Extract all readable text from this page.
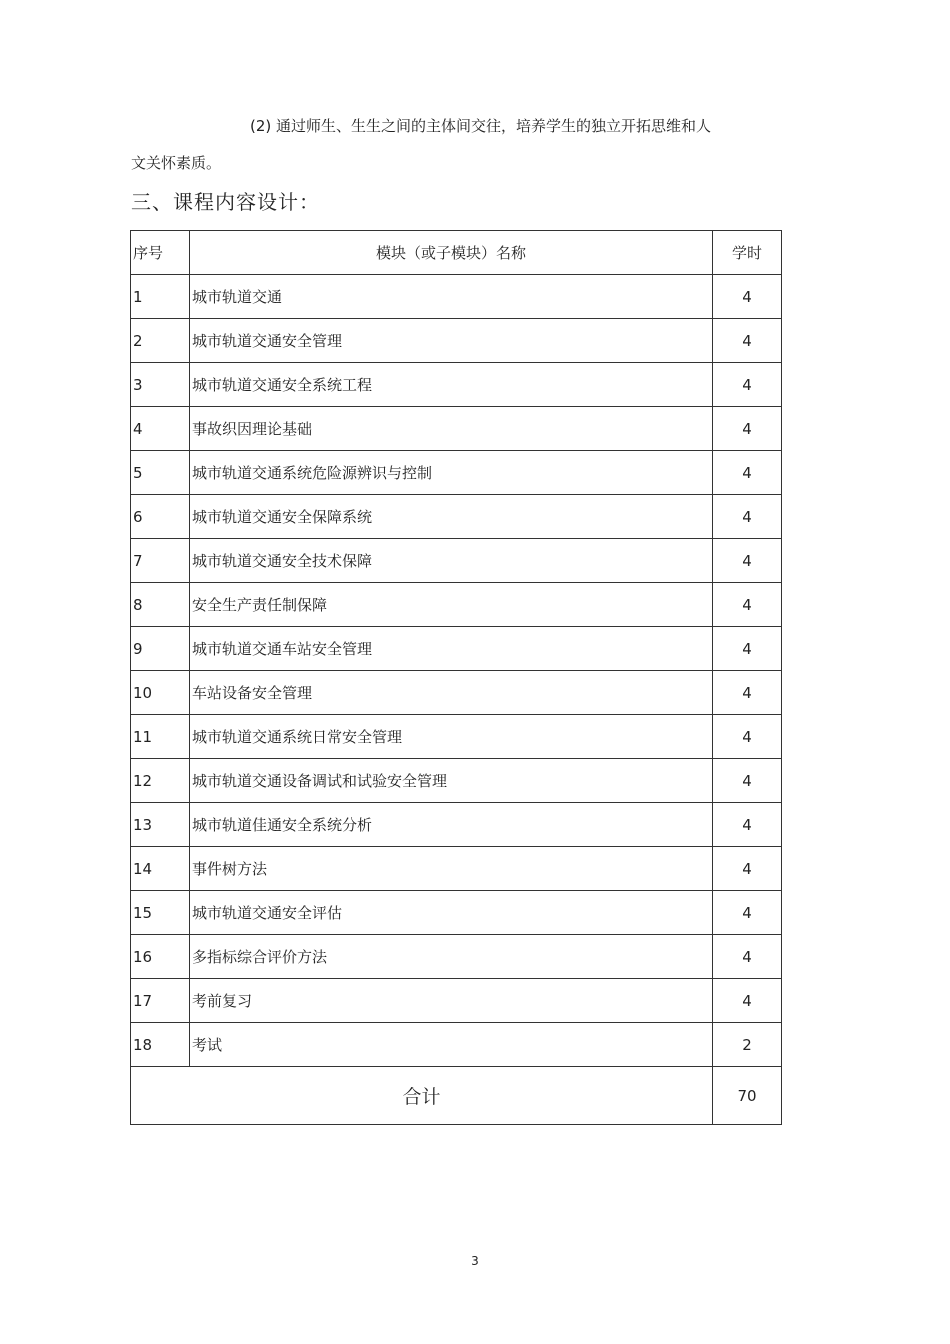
(2) 通过师生、生生之间的主体间交往，培养学生的独立开拓思维和人
文关怀素质。
三、课程内容设计：
序号	模块（或子模块）名称	学时
1	城市轨道交通	4
2	城市轨道交通安全管理	4
3	城市轨道交通安全系统工程	4
4	事故织因理论基础	4
5	城市轨道交通系统危险源辨识与控制	4
6	城市轨道交通安全保障系统	4
7	城市轨道交通安全技术保障	4
8	安全生产责任制保障	4
9	城市轨道交通车站安全管理	4
10	车站设备安全管理	4
11	城市轨道交通系统日常安全管理	4
12	城市轨道交通设备调试和试验安全管理	4
13	城市轨道佳通安全系统分析	4
14	事件树方法	4
15	城市轨道交通安全评估	4
16	多指标综合评价方法	4
17	考前复习	4
18	考试	2
合计		70
3
